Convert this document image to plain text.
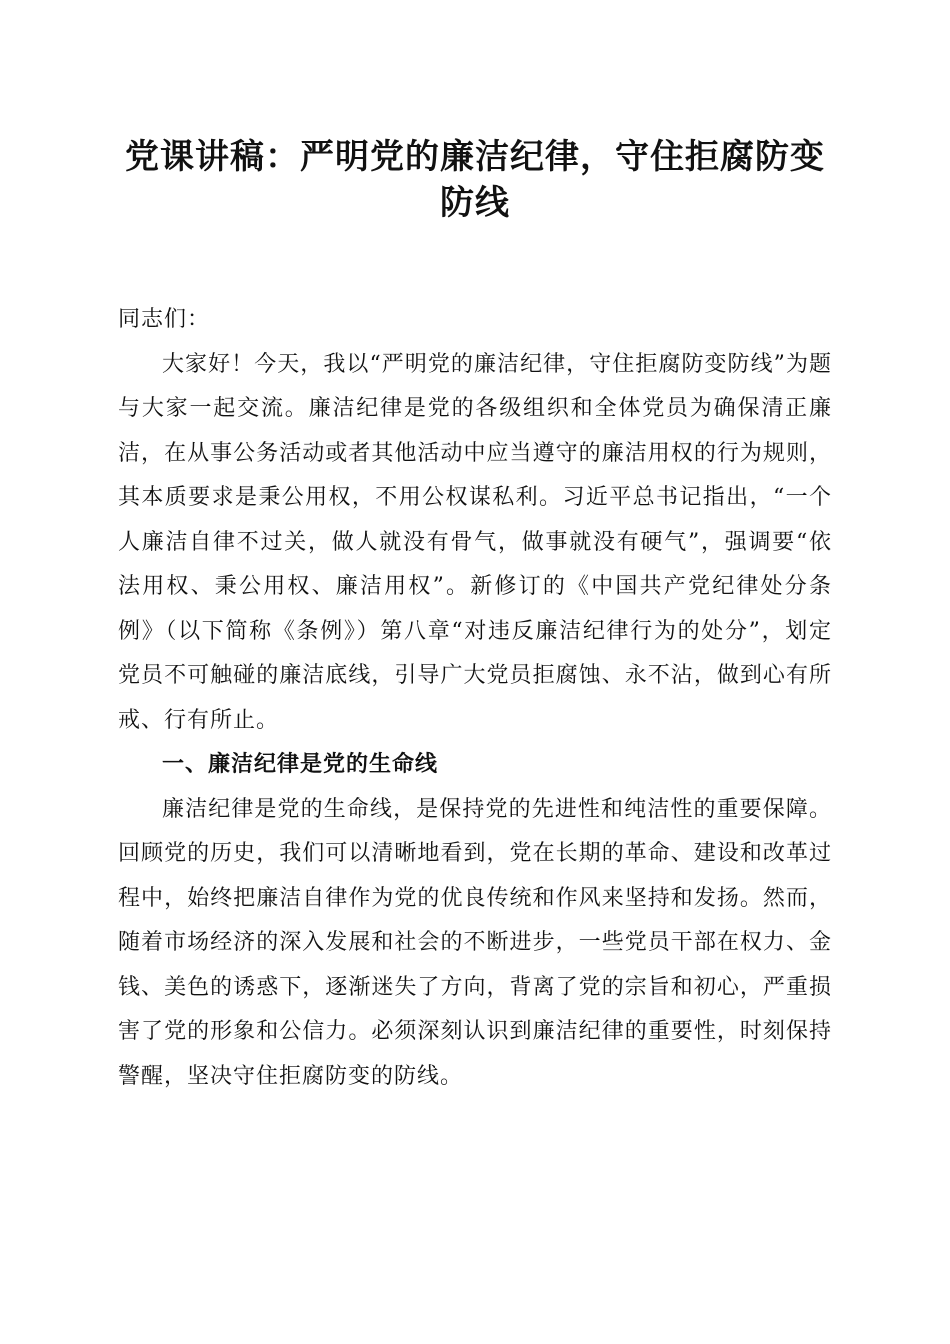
党课讲稿：严明党的廉洁纪律，守住拒腐防变防线

同志们：

大家好！今天，我以“严明党的廉洁纪律，守住拒腐防变防线”为题与大家一起交流。廉洁纪律是党的各级组织和全体党员为确保清正廉洁，在从事公务活动或者其他活动中应当遵守的廉洁用权的行为规则，其本质要求是秉公用权，不用公权谋私利。习近平总书记指出，“一个人廉洁自律不过关，做人就没有骨气，做事就没有硬气”，强调要“依法用权、秉公用权、廉洁用权”。新修订的《中国共产党纪律处分条例》（以下简称《条例》）第八章“对违反廉洁纪律行为的处分”，划定党员不可触碰的廉洁底线，引导广大党员拒腐蚀、永不沾，做到心有所戒、行有所止。

一、廉洁纪律是党的生命线

廉洁纪律是党的生命线，是保持党的先进性和纯洁性的重要保障。回顾党的历史，我们可以清晰地看到，党在长期的革命、建设和改革过程中，始终把廉洁自律作为党的优良传统和作风来坚持和发扬。然而，随着市场经济的深入发展和社会的不断进步，一些党员干部在权力、金钱、美色的诱惑下，逐渐迷失了方向，背离了党的宗旨和初心，严重损害了党的形象和公信力。必须深刻认识到廉洁纪律的重要性，时刻保持警醒，坚决守住拒腐防变的防线。
